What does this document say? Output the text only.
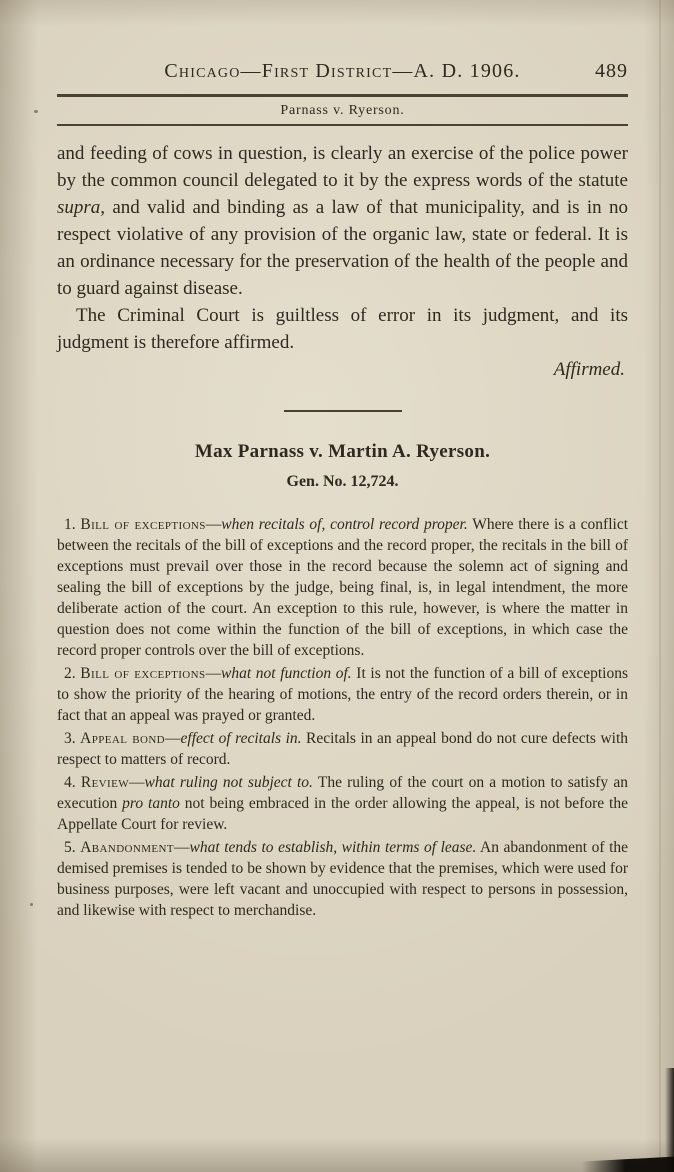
Chicago—First District—A. D. 1906.	489
Parnass v. Ryerson.

and feeding of cows in question, is clearly an exercise of the police power by the common council delegated to it by the express words of the statute supra, and valid and binding as a law of that municipality, and is in no respect violative of any provision of the organic law, state or federal. It is an ordinance necessary for the preservation of the health of the people and to guard against disease.

The Criminal Court is guiltless of error in its judgment, and its judgment is therefore affirmed.

Affirmed.

Max Parnass v. Martin A. Ryerson.
Gen. No. 12,724.

1. Bill of exceptions—when recitals of, control record proper. Where there is a conflict between the recitals of the bill of exceptions and the record proper, the recitals in the bill of exceptions must prevail over those in the record because the solemn act of signing and sealing the bill of exceptions by the judge, being final, is, in legal intendment, the more deliberate action of the court. An exception to this rule, however, is where the matter in question does not come within the function of the bill of exceptions, in which case the record proper controls over the bill of exceptions.

2. Bill of exceptions—what not function of. It is not the function of a bill of exceptions to show the priority of the hearing of motions, the entry of the record orders therein, or in fact that an appeal was prayed or granted.

3. Appeal bond—effect of recitals in. Recitals in an appeal bond do not cure defects with respect to matters of record.

4. Review—what ruling not subject to. The ruling of the court on a motion to satisfy an execution pro tanto not being embraced in the order allowing the appeal, is not before the Appellate Court for review.

5. Abandonment—what tends to establish, within terms of lease. An abandonment of the demised premises is tended to be shown by evidence that the premises, which were used for business purposes, were left vacant and unoccupied with respect to persons in possession, and likewise with respect to merchandise.
